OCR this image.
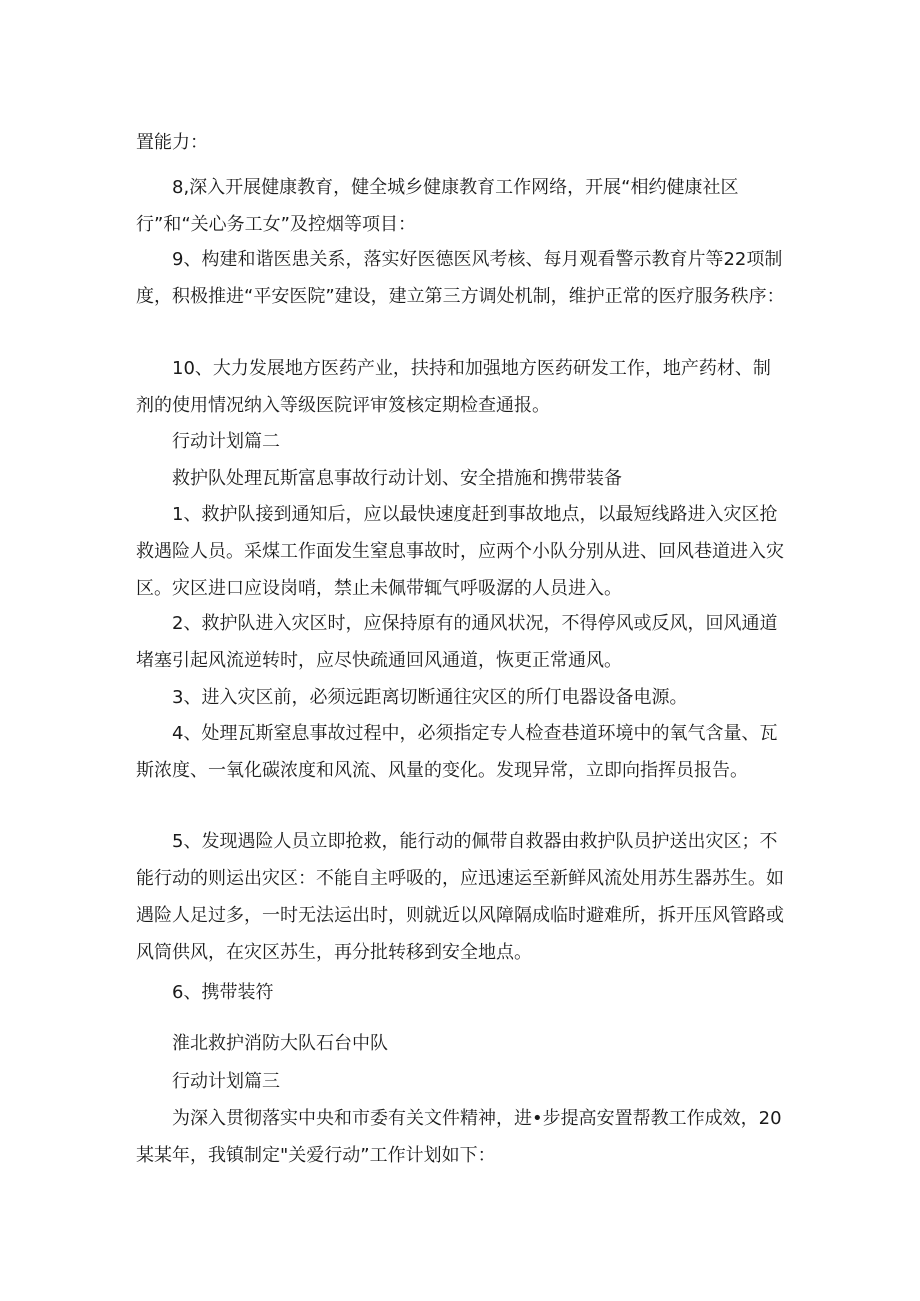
置能力：

8,深入开展健康教育，健全城乡健康教育工作网络，开展“相约健康社区行”和“关心务工女”及控烟等项目：

9、构建和谐医患关系，落实好医德医风考核、每月观看警示教育片等22项制度，积极推进“平安医院”建设，建立第三方调处机制，维护正常的医疗服务秩序：

10、大力发展地方医药产业，扶持和加强地方医药研发工作，地产药材、制剂的使用情况纳入等级医院评审笈核定期检查通报。

行动计划篇二

救护队处理瓦斯富息事故行动计划、安全措施和携带装备

1、救护队接到通知后，应以最快速度赶到事故地点，以最短线路进入灾区抢救遇险人员。采煤工作面发生窒息事故时，应两个小队分别从进、回风巷道进入灾区。灾区进口应设岗哨，禁止未佩带辄气呼吸潺的人员进入。

2、救护队进入灾区时，应保持原有的通风状况，不得停风或反风，回风通道堵塞引起风流逆转时，应尽快疏通回风通道，恢更正常通风。

3、进入灾区前，必须远距离切断通往灾区的所仃电器设备电源。

4、处理瓦斯窒息事故过程中，必须指定专人检查巷道环境中的氧气含量、瓦斯浓度、一氧化碳浓度和风流、风量的变化。发现异常，立即向指挥员报告。

5、发现遇险人员立即抢救，能行动的佩带自救器由救护队员护送出灾区；不能行动的则运出灾区：不能自主呼吸的，应迅速运至新鲜风流处用苏生器苏生。如遇险人足过多，一时无法运出时，则就近以风障隔成临时避难所，拆开压风管路或风筒供风，在灾区苏生，再分批转移到安全地点。

6、携带装符

淮北救护消防大队石台中队

行动计划篇三

为深入贯彻落实中央和市委有关文件精神，进•步提高安置帮教工作成效，20某某年，我镇制定"关爱行动”工作计划如下：
